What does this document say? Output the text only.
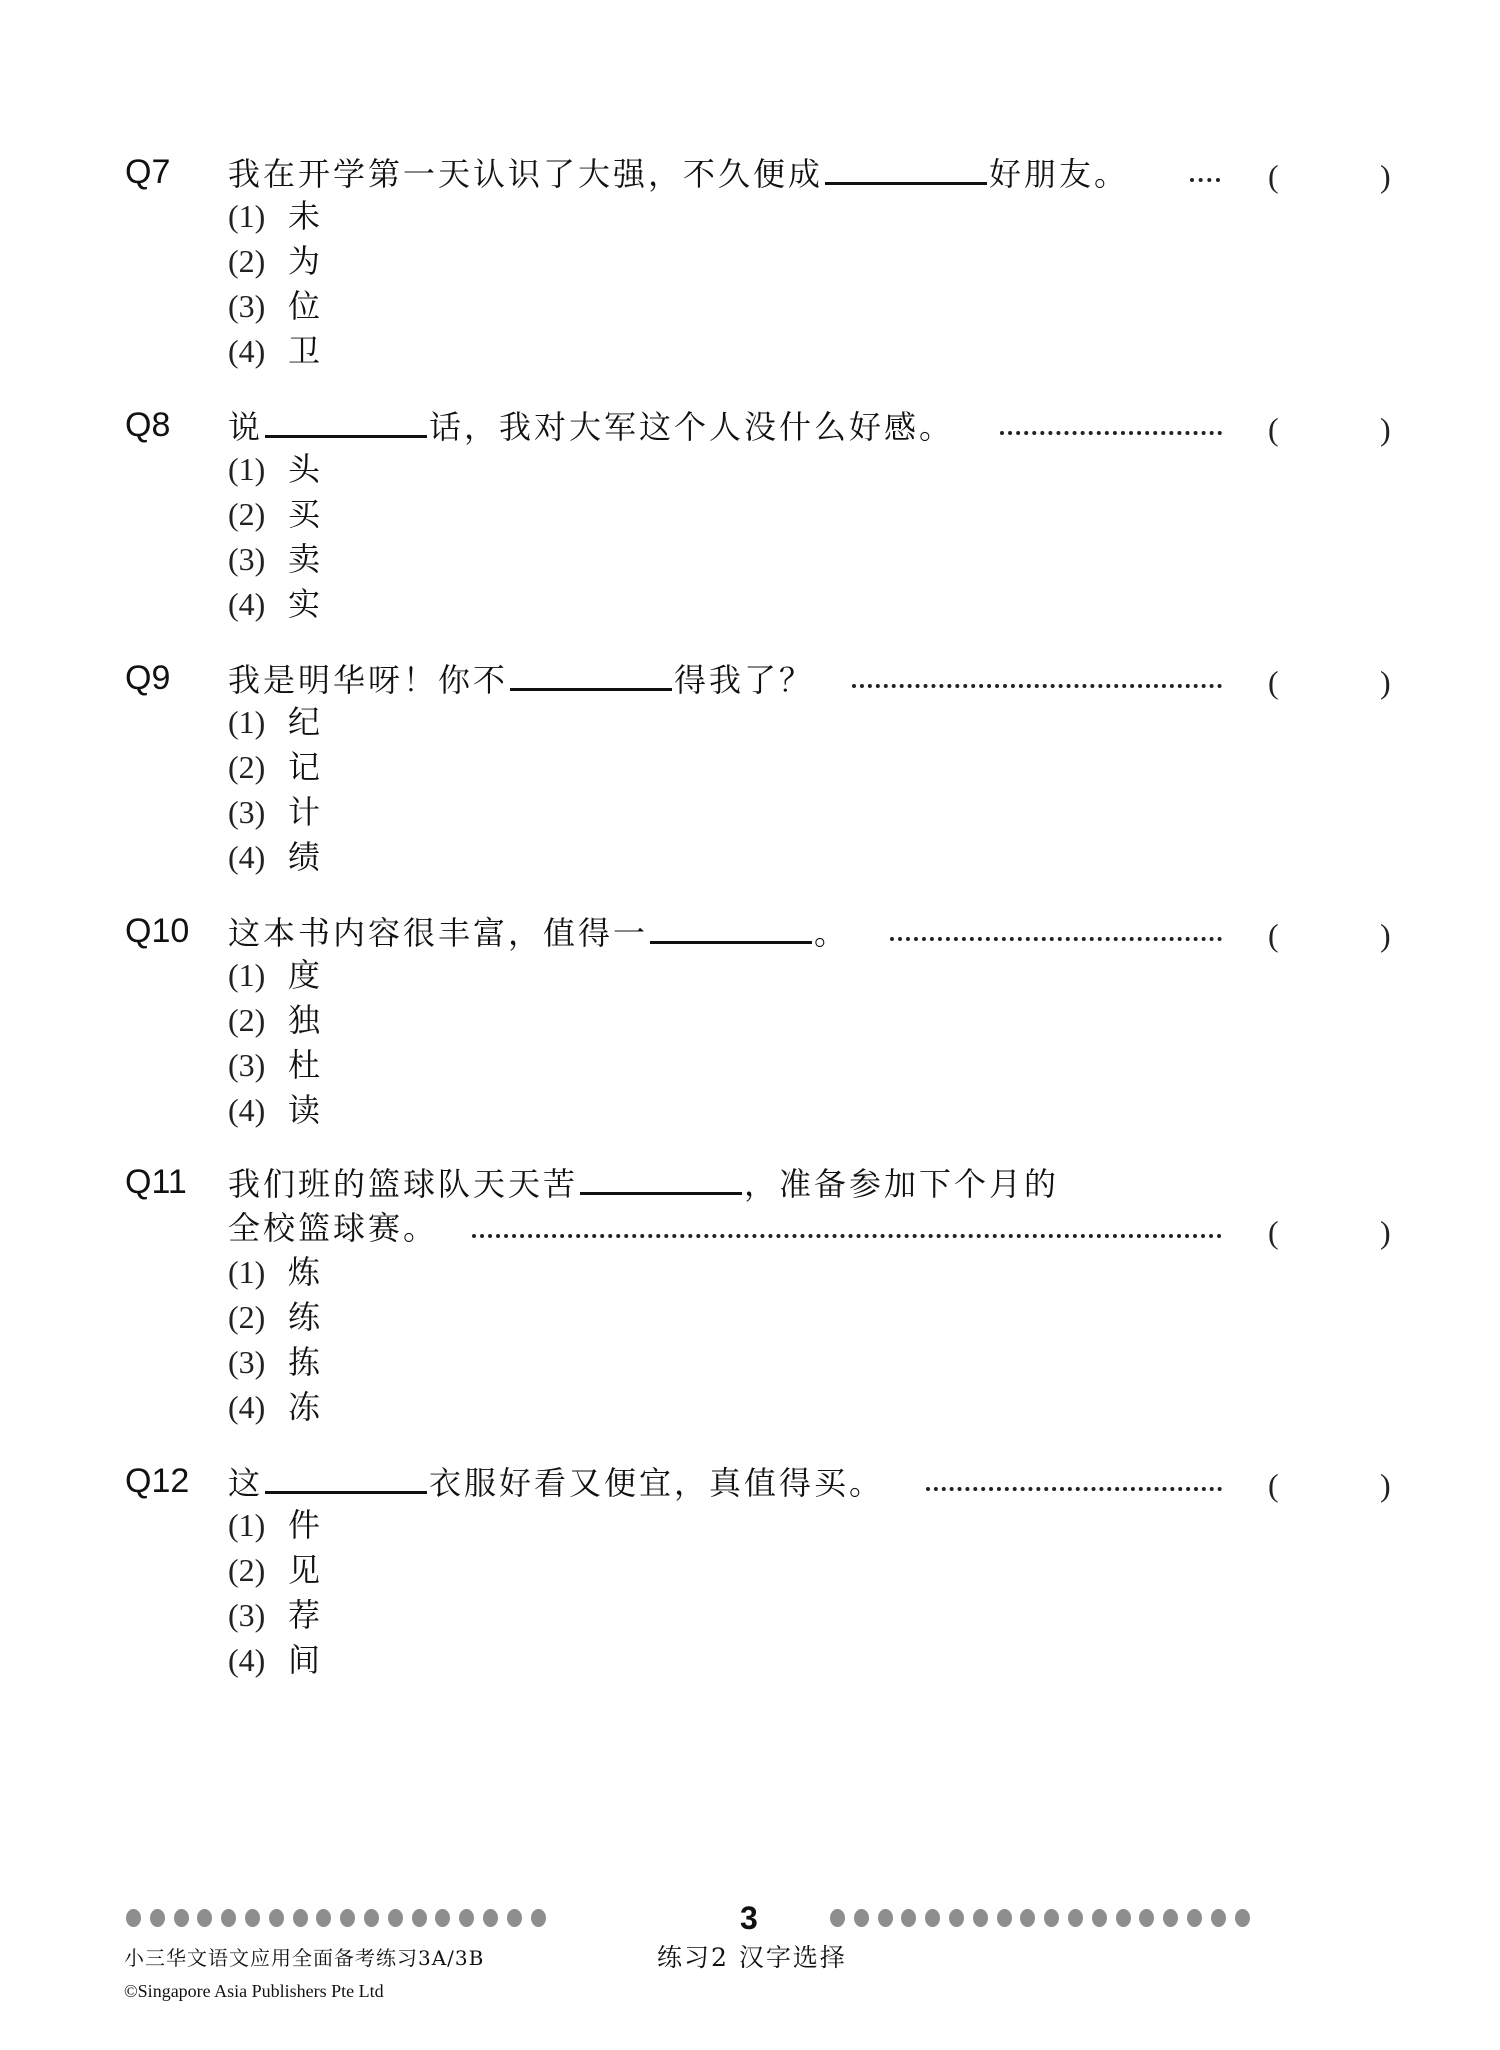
Q7 我在开学第一天认识了大强，不久便成	好朋友。	(	)
(1) 未
(2) 为
(3) 位
(4) 卫
Q8 说	话，我对大军这个人没什么好感。	(	)
(1) 头
(2) 买
(3) 卖
(4) 实
Q9 我是明华呀！你不	得我了？	(	)
(1) 纪
(2) 记
(3) 计
(4) 绩
Q10 这本书内容很丰富，值得一	。	(	)
(1) 度
(2) 独
(3) 杜
(4) 读
Q11 我们班的篮球队天天苦	，准备参加下个月的
全校篮球赛。	(	)
(1) 炼
(2) 练
(3) 拣
(4) 冻
Q12 这	衣服好看又便宜，真值得买。	(	)
(1) 件
(2) 见
(3) 荐
(4) 间
3
小三华文语文应用全面备考练习3A/3B	练习2 汉字选择
©Singapore Asia Publishers Pte Ltd
